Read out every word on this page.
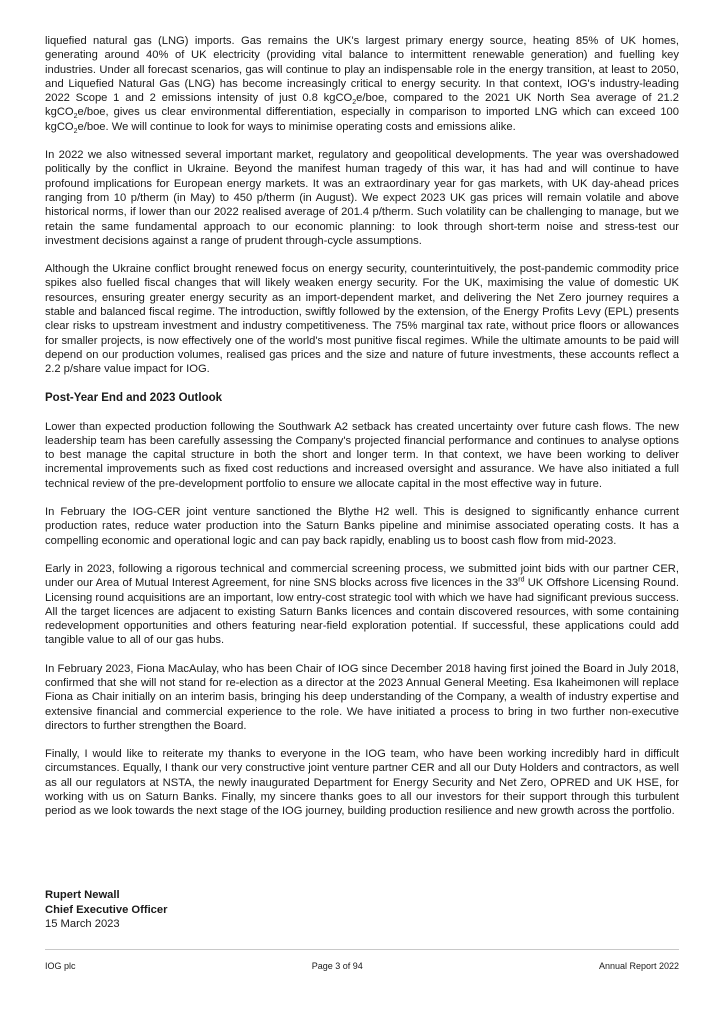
liquefied natural gas (LNG) imports. Gas remains the UK's largest primary energy source, heating 85% of UK homes, generating around 40% of UK electricity (providing vital balance to intermittent renewable generation) and fuelling key industries. Under all forecast scenarios, gas will continue to play an indispensable role in the energy transition, at least to 2050, and Liquefied Natural Gas (LNG) has become increasingly critical to energy security. In that context, IOG's industry-leading 2022 Scope 1 and 2 emissions intensity of just 0.8 kgCO$_2$e/boe, compared to the 2021 UK North Sea average of 21.2 kgCO$_2$e/boe, gives us clear environmental differentiation, especially in comparison to imported LNG which can exceed 100 kgCO$_2$e/boe. We will continue to look for ways to minimise operating costs and emissions alike.

In 2022 we also witnessed several important market, regulatory and geopolitical developments. The year was overshadowed politically by the conflict in Ukraine. Beyond the manifest human tragedy of this war, it has had and will continue to have profound implications for European energy markets. It was an extraordinary year for gas markets, with UK day-ahead prices ranging from 10 p/therm (in May) to 450 p/therm (in August). We expect 2023 UK gas prices will remain volatile and above historical norms, if lower than our 2022 realised average of 201.4 p/therm. Such volatility can be challenging to manage, but we retain the same fundamental approach to our economic planning: to look through short-term noise and stress-test our investment decisions against a range of prudent through-cycle assumptions.

Although the Ukraine conflict brought renewed focus on energy security, counterintuitively, the post-pandemic commodity price spikes also fuelled fiscal changes that will likely weaken energy security. For the UK, maximising the value of domestic UK resources, ensuring greater energy security as an import-dependent market, and delivering the Net Zero journey requires a stable and balanced fiscal regime. The introduction, swiftly followed by the extension, of the Energy Profits Levy (EPL) presents clear risks to upstream investment and industry competitiveness. The 75% marginal tax rate, without price floors or allowances for smaller projects, is now effectively one of the world's most punitive fiscal regimes. While the ultimate amounts to be paid will depend on our production volumes, realised gas prices and the size and nature of future investments, these accounts reflect a 2.2 p/share value impact for IOG.

Post-Year End and 2023 Outlook

Lower than expected production following the Southwark A2 setback has created uncertainty over future cash flows. The new leadership team has been carefully assessing the Company's projected financial performance and continues to analyse options to best manage the capital structure in both the short and longer term. In that context, we have been working to deliver incremental improvements such as fixed cost reductions and increased oversight and assurance. We have also initiated a full technical review of the pre-development portfolio to ensure we allocate capital in the most effective way in future.

In February the IOG-CER joint venture sanctioned the Blythe H2 well. This is designed to significantly enhance current production rates, reduce water production into the Saturn Banks pipeline and minimise associated operating costs. It has a compelling economic and operational logic and can pay back rapidly, enabling us to boost cash flow from mid-2023.

Early in 2023, following a rigorous technical and commercial screening process, we submitted joint bids with our partner CER, under our Area of Mutual Interest Agreement, for nine SNS blocks across five licences in the 33rd UK Offshore Licensing Round. Licensing round acquisitions are an important, low entry-cost strategic tool with which we have had significant previous success. All the target licences are adjacent to existing Saturn Banks licences and contain discovered resources, with some containing redevelopment opportunities and others featuring near-field exploration potential. If successful, these applications could add tangible value to all of our gas hubs.

In February 2023, Fiona MacAulay, who has been Chair of IOG since December 2018 having first joined the Board in July 2018, confirmed that she will not stand for re-election as a director at the 2023 Annual General Meeting. Esa Ikaheimonen will replace Fiona as Chair initially on an interim basis, bringing his deep understanding of the Company, a wealth of industry expertise and extensive financial and commercial experience to the role. We have initiated a process to bring in two further non-executive directors to further strengthen the Board.

Finally, I would like to reiterate my thanks to everyone in the IOG team, who have been working incredibly hard in difficult circumstances. Equally, I thank our very constructive joint venture partner CER and all our Duty Holders and contractors, as well as all our regulators at NSTA, the newly inaugurated Department for Energy Security and Net Zero, OPRED and UK HSE, for working with us on Saturn Banks. Finally, my sincere thanks goes to all our investors for their support through this turbulent period as we look towards the next stage of the IOG journey, building production resilience and new growth across the portfolio.

Rupert Newall
Chief Executive Officer
15 March 2023
IOG plc	Page 3 of 94	Annual Report 2022
